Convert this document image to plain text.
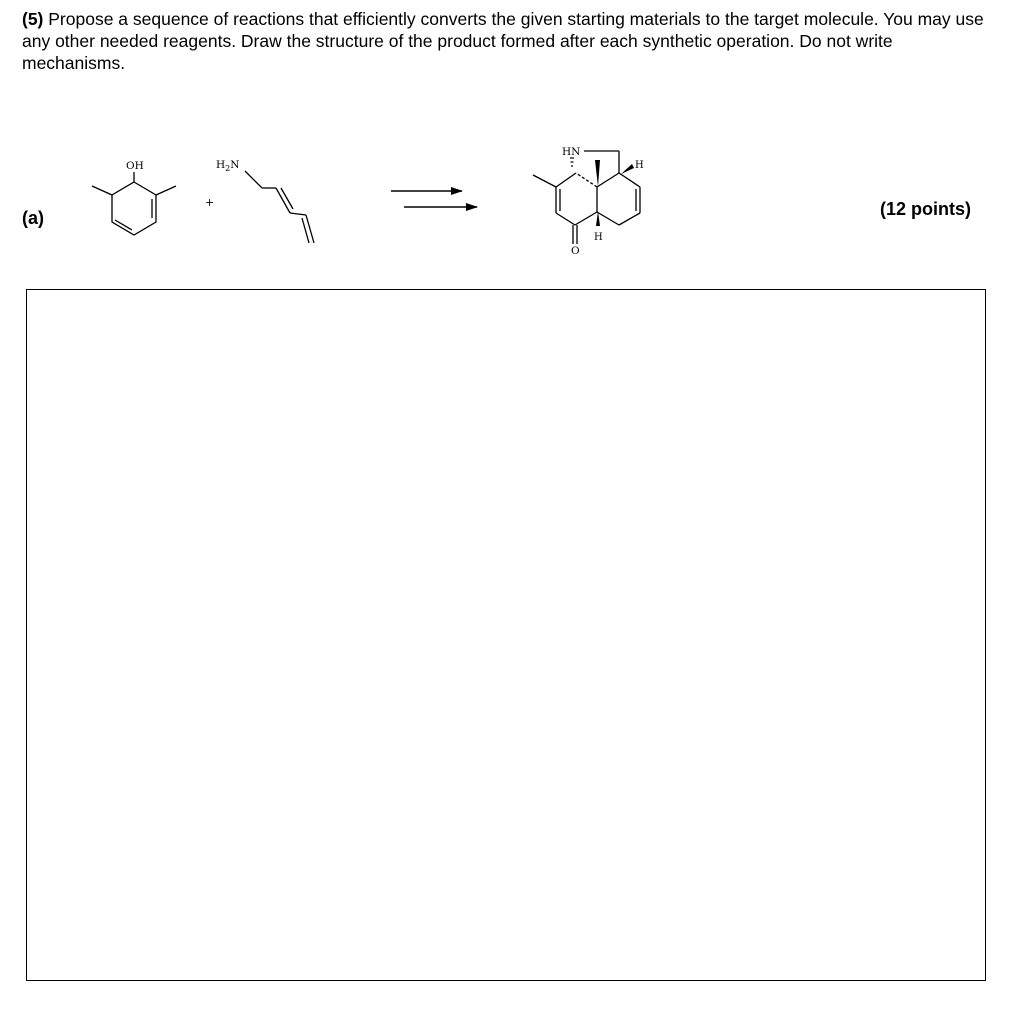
(5) Propose a sequence of reactions that efficiently converts the given starting materials to the target molecule. You may use any other needed reagents. Draw the structure of the product formed after each synthetic operation. Do not write mechanisms.

(a)	(12 points)
OH
+
$H_2N$
HN
H
H
O
